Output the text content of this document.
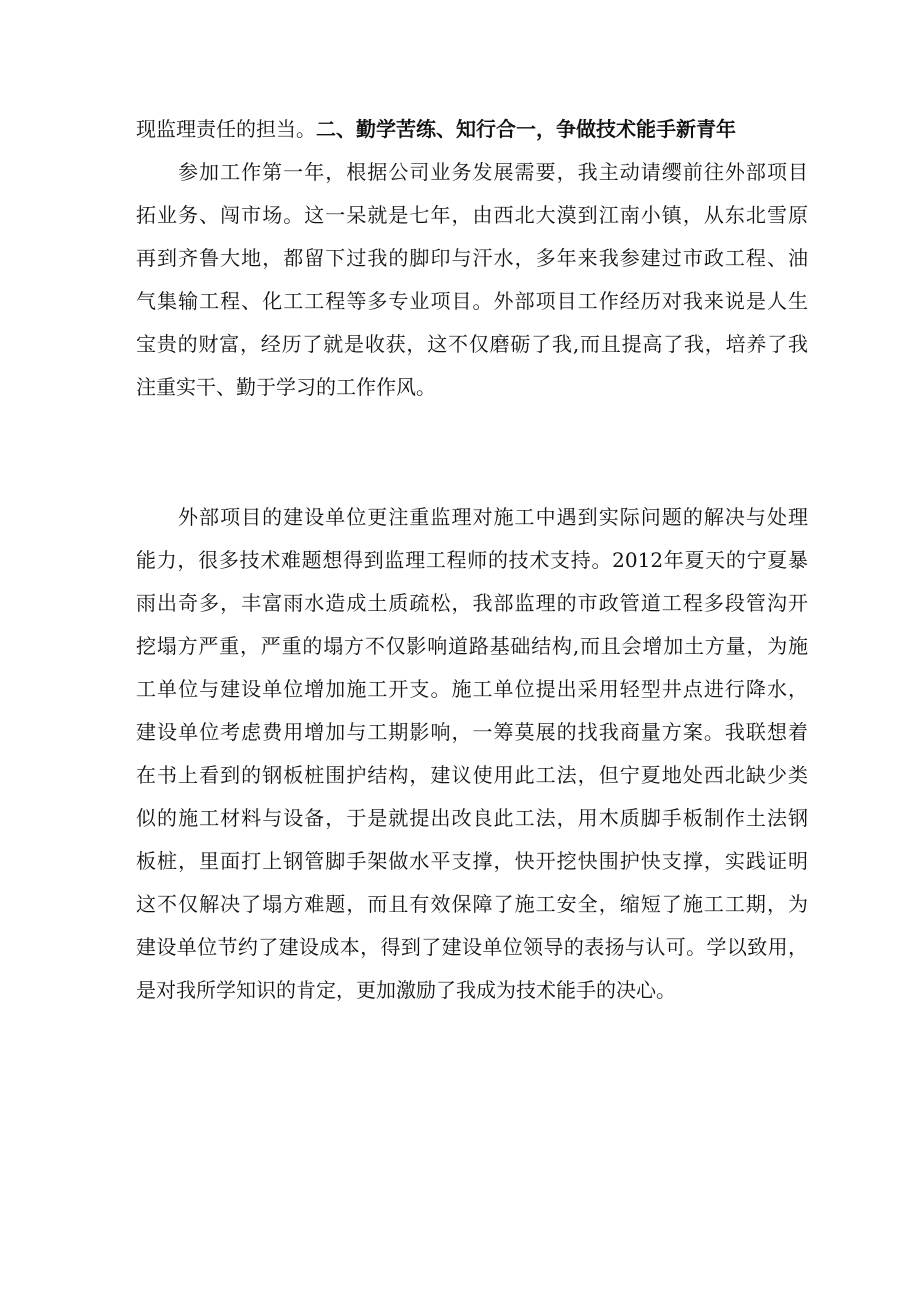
现监理责任的担当。二、勤学苦练、知行合一，争做技术能手新青年
参加工作第一年，根据公司业务发展需要，我主动请缨前往外部项目
拓业务、闯市场。这一呆就是七年，由西北大漠到江南小镇，从东北雪原
再到齐鲁大地，都留下过我的脚印与汗水，多年来我参建过市政工程、油
气集输工程、化工工程等多专业项目。外部项目工作经历对我来说是人生
宝贵的财富，经历了就是收获，这不仅磨砺了我,而且提高了我，培养了我
注重实干、勤于学习的工作作风。
外部项目的建设单位更注重监理对施工中遇到实际问题的解决与处理
能力，很多技术难题想得到监理工程师的技术支持。2012年夏天的宁夏暴
雨出奇多，丰富雨水造成土质疏松，我部监理的市政管道工程多段管沟开
挖塌方严重，严重的塌方不仅影响道路基础结构,而且会增加土方量，为施
工单位与建设单位增加施工开支。施工单位提出采用轻型井点进行降水，
建设单位考虑费用增加与工期影响，一筹莫展的找我商量方案。我联想着
在书上看到的钢板桩围护结构，建议使用此工法，但宁夏地处西北缺少类
似的施工材料与设备，于是就提出改良此工法，用木质脚手板制作土法钢
板桩，里面打上钢管脚手架做水平支撑，快开挖快围护快支撑，实践证明
这不仅解决了塌方难题，而且有效保障了施工安全，缩短了施工工期，为
建设单位节约了建设成本，得到了建设单位领导的表扬与认可。学以致用，
是对我所学知识的肯定，更加激励了我成为技术能手的决心。
